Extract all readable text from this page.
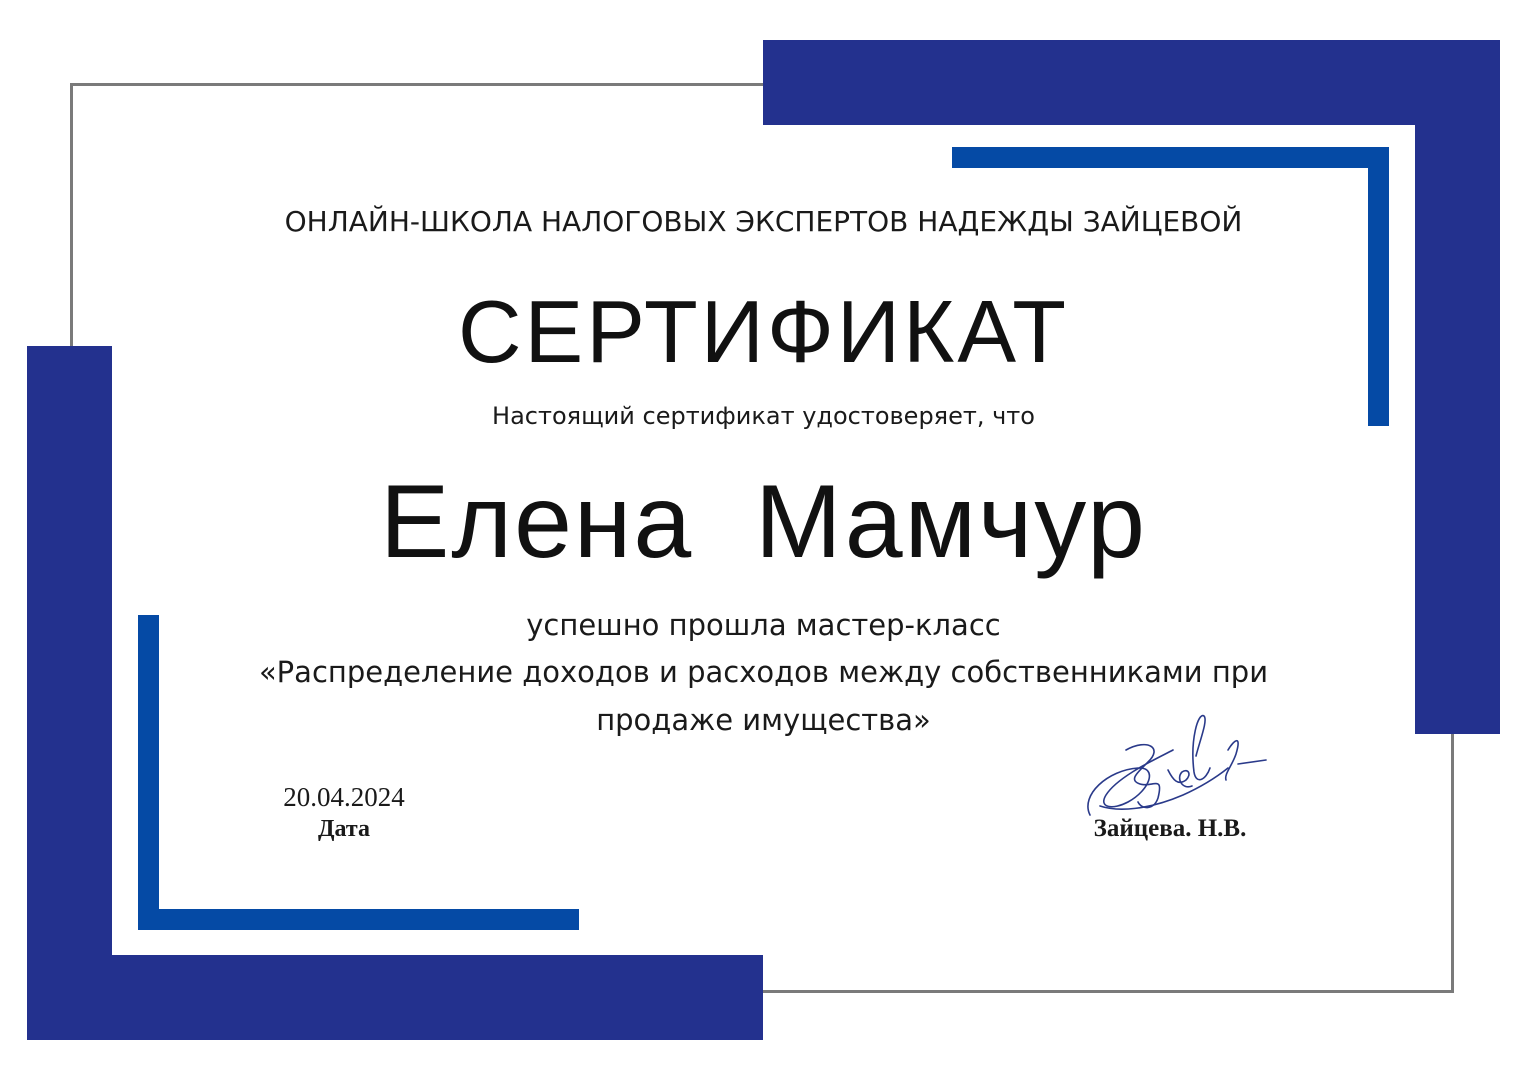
ОНЛАЙН-ШКОЛА НАЛОГОВЫХ ЭКСПЕРТОВ НАДЕЖДЫ ЗАЙЦЕВОЙ
СЕРТИФИКАТ
Настоящий сертификат удостоверяет, что
Елена  Мамчур
успешно прошла мастер-класс
«Распределение доходов и расходов между собственниками при
продаже имущества»
20.04.2024
Дата	Зайцева. Н.В.
